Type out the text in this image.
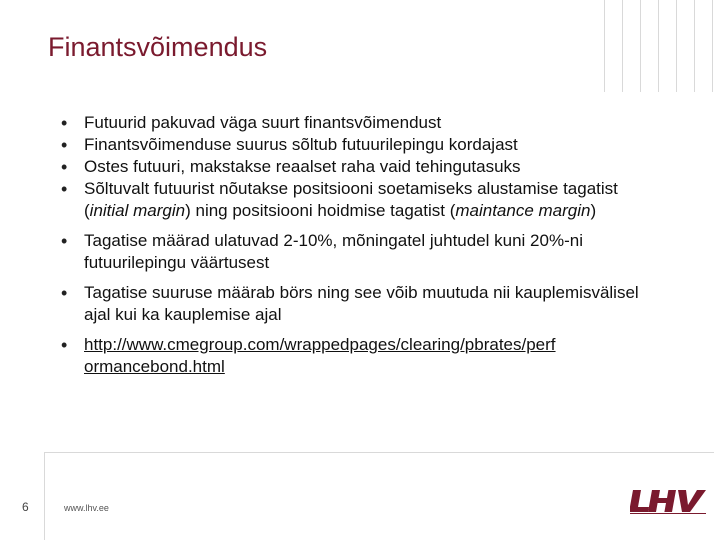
Finantsvõimendus
• Futuurid pakuvad väga suurt finantsvõimendust
• Finantsvõimenduse suurus sõltub futuurilepingu kordajast
• Ostes futuuri, makstakse reaalset raha vaid tehingutasuks
• Sõltuvalt futuurist nõutakse positsiooni soetamiseks alustamise tagatist (initial margin) ning positsiooni hoidmise tagatist (maintance margin)
• Tagatise määrad ulatuvad 2-10%, mõningatel juhtudel kuni 20%-ni futuurilepingu väärtusest
• Tagatise suuruse määrab börs ning see võib muutuda nii kauplemisvälisel ajal kui ka kauplemise ajal
• http://www.cmegroup.com/wrappedpages/clearing/pbrates/perf ormancebond.html
6	www.lhv.ee
